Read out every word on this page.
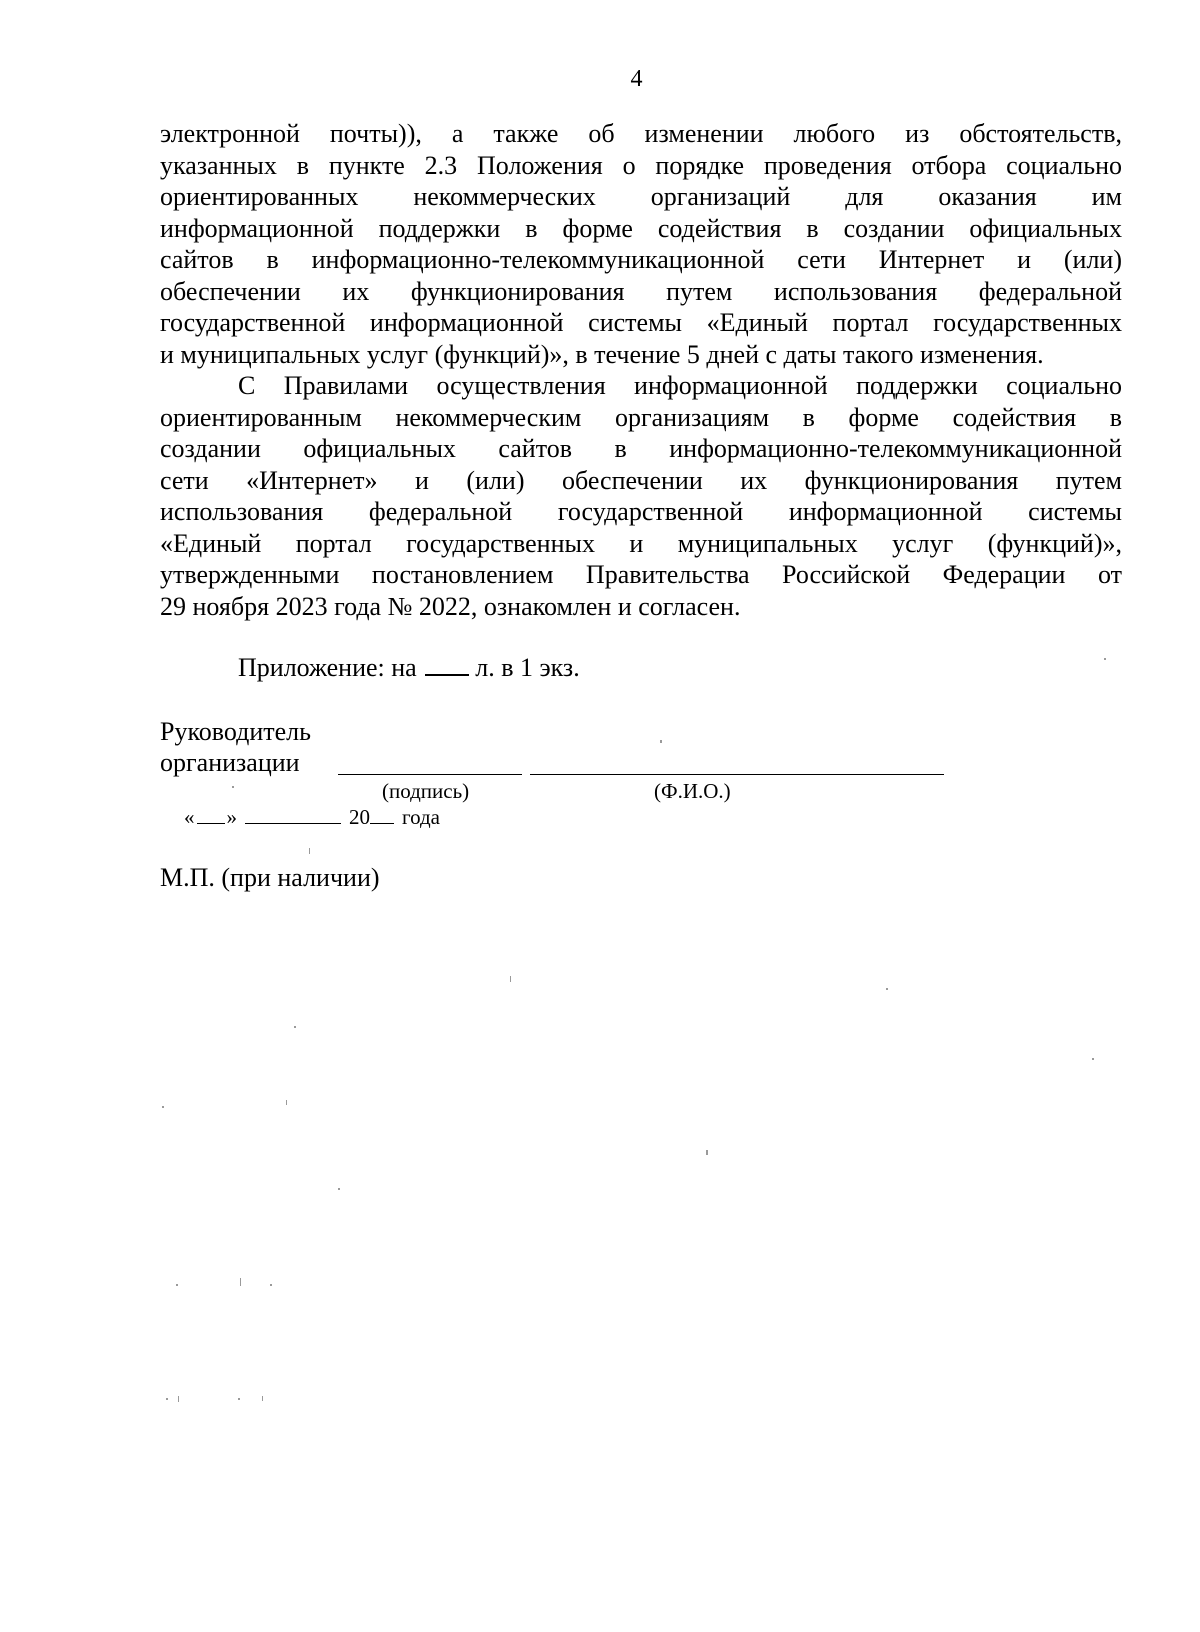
4
электронной почты)), а также об изменении любого из обстоятельств,
указанных в пункте 2.3 Положения о порядке проведения отбора социально
ориентированных некоммерческих организаций для оказания им
информационной поддержки в форме содействия в создании официальных
сайтов в информационно-телекоммуникационной сети Интернет и (или)
обеспечении их функционирования путем использования федеральной
государственной информационной системы «Единый портал государственных
и муниципальных услуг (функций)», в течение 5 дней с даты такого изменения.
С Правилами осуществления информационной поддержки социально
ориентированным некоммерческим организациям в форме содействия в
создании официальных сайтов в информационно-телекоммуникационной
сети «Интернет» и (или) обеспечении их функционирования путем
использования федеральной государственной информационной системы
«Единый портал государственных и муниципальных услуг (функций)»,
утвержденными постановлением Правительства Российской Федерации от
29 ноября 2023 года № 2022, ознакомлен и согласен.
Приложение: на л. в 1 экз.
Руководитель
организации
(подпись)	(Ф.И.О.)
« »	20 года
М.П. (при наличии)
